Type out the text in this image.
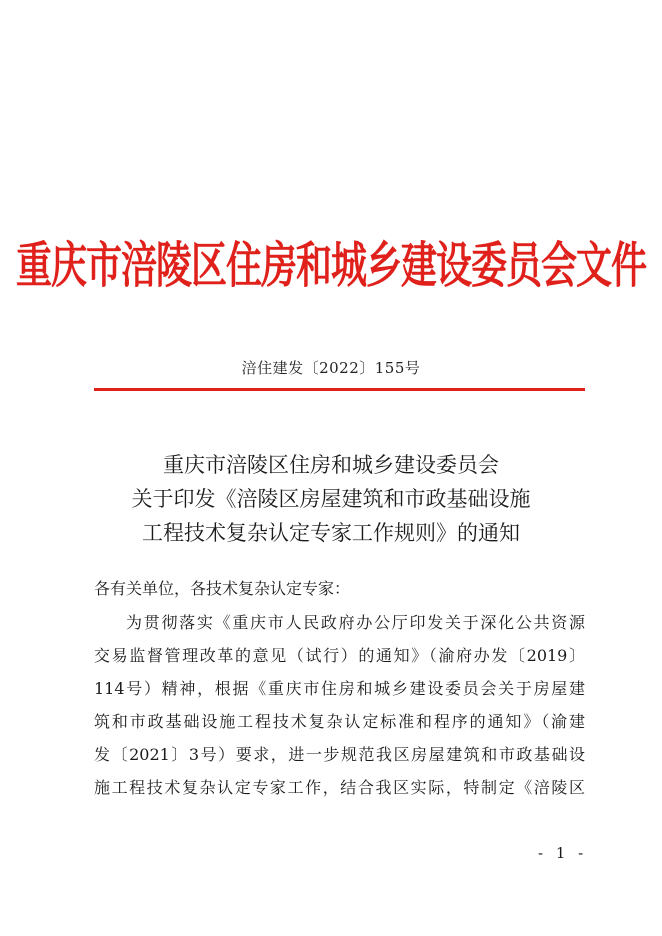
重庆市涪陵区住房和城乡建设委员会文件
涪住建发〔2022〕155号
重庆市涪陵区住房和城乡建设委员会
关于印发《涪陵区房屋建筑和市政基础设施
工程技术复杂认定专家工作规则》的通知
各有关单位，各技术复杂认定专家：
为贯彻落实《重庆市人民政府办公厅印发关于深化公共资源
交易监督管理改革的意见（试行）的通知》（渝府办发〔2019〕
114号）精神，根据《重庆市住房和城乡建设委员会关于房屋建
筑和市政基础设施工程技术复杂认定标准和程序的通知》（渝建
发〔2021〕3号）要求，进一步规范我区房屋建筑和市政基础设
施工程技术复杂认定专家工作，结合我区实际，特制定《涪陵区
- 1 -
